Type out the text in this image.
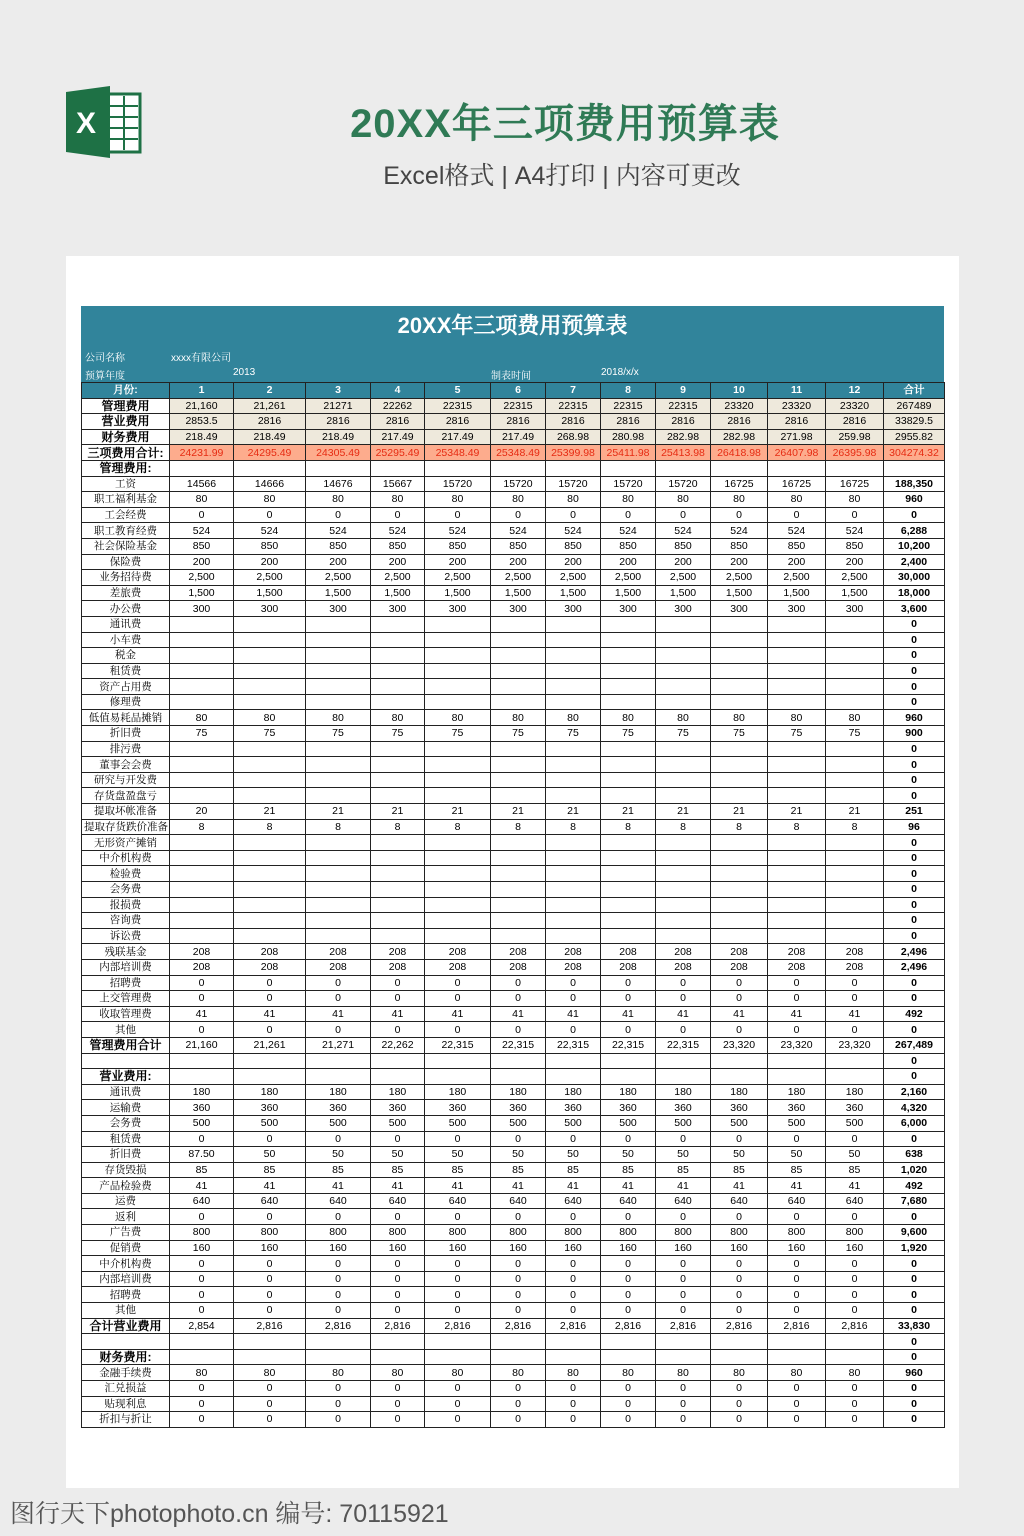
X	20XX年三项费用预算表
Excel格式 | A4打印 | 内容可更改
20XX年三项费用预算表
公司名称	xxxx有限公司
预算年度	2013	制表时间	2018/x/x
月份:	1	2	3	4	5	6	7	8	9	10	11	12	合计
管理费用	21,160	21,261	21271	22262	22315	22315	22315	22315	22315	23320	23320	23320	267489
营业费用	2853.5	2816	2816	2816	2816	2816	2816	2816	2816	2816	2816	2816	33829.5
财务费用	218.49	218.49	218.49	217.49	217.49	217.49	268.98	280.98	282.98	282.98	271.98	259.98	2955.82
三项费用合计:	24231.99	24295.49	24305.49	25295.49	25348.49	25348.49	25399.98	25411.98	25413.98	26418.98	26407.98	26395.98	304274.32
管理费用:													
工资	14566	14666	14676	15667	15720	15720	15720	15720	15720	16725	16725	16725	188,350
职工福利基金	80	80	80	80	80	80	80	80	80	80	80	80	960
工会经费	0	0	0	0	0	0	0	0	0	0	0	0	0
职工教育经费	524	524	524	524	524	524	524	524	524	524	524	524	6,288
社会保险基金	850	850	850	850	850	850	850	850	850	850	850	850	10,200
保险费	200	200	200	200	200	200	200	200	200	200	200	200	2,400
业务招待费	2,500	2,500	2,500	2,500	2,500	2,500	2,500	2,500	2,500	2,500	2,500	2,500	30,000
差旅费	1,500	1,500	1,500	1,500	1,500	1,500	1,500	1,500	1,500	1,500	1,500	1,500	18,000
办公费	300	300	300	300	300	300	300	300	300	300	300	300	3,600
通讯费													0
小车费													0
税金													0
租赁费													0
资产占用费													0
修理费													0
低值易耗品摊销	80	80	80	80	80	80	80	80	80	80	80	80	960
折旧费	75	75	75	75	75	75	75	75	75	75	75	75	900
排污费													0
董事会会费													0
研究与开发费													0
存货盘盈盘亏													0
提取坏帐准备	20	21	21	21	21	21	21	21	21	21	21	21	251
提取存货跌价准备	8	8	8	8	8	8	8	8	8	8	8	8	96
无形资产摊销													0
中介机构费													0
检验费													0
会务费													0
报损费													0
咨询费													0
诉讼费													0
残联基金	208	208	208	208	208	208	208	208	208	208	208	208	2,496
内部培训费	208	208	208	208	208	208	208	208	208	208	208	208	2,496
招聘费	0	0	0	0	0	0	0	0	0	0	0	0	0
上交管理费	0	0	0	0	0	0	0	0	0	0	0	0	0
收取管理费	41	41	41	41	41	41	41	41	41	41	41	41	492
其他	0	0	0	0	0	0	0	0	0	0	0	0	0
管理费用合计	21,160	21,261	21,271	22,262	22,315	22,315	22,315	22,315	22,315	23,320	23,320	23,320	267,489
													0
营业费用:													0
通讯费	180	180	180	180	180	180	180	180	180	180	180	180	2,160
运输费	360	360	360	360	360	360	360	360	360	360	360	360	4,320
会务费	500	500	500	500	500	500	500	500	500	500	500	500	6,000
租赁费	0	0	0	0	0	0	0	0	0	0	0	0	0
折旧费	87.50	50	50	50	50	50	50	50	50	50	50	50	638
存货毁损	85	85	85	85	85	85	85	85	85	85	85	85	1,020
产品检验费	41	41	41	41	41	41	41	41	41	41	41	41	492
运费	640	640	640	640	640	640	640	640	640	640	640	640	7,680
返利	0	0	0	0	0	0	0	0	0	0	0	0	0
广告费	800	800	800	800	800	800	800	800	800	800	800	800	9,600
促销费	160	160	160	160	160	160	160	160	160	160	160	160	1,920
中介机构费	0	0	0	0	0	0	0	0	0	0	0	0	0
内部培训费	0	0	0	0	0	0	0	0	0	0	0	0	0
招聘费	0	0	0	0	0	0	0	0	0	0	0	0	0
其他	0	0	0	0	0	0	0	0	0	0	0	0	0
合计营业费用	2,854	2,816	2,816	2,816	2,816	2,816	2,816	2,816	2,816	2,816	2,816	2,816	33,830
													0
财务费用:													0
金融手续费	80	80	80	80	80	80	80	80	80	80	80	80	960
汇兑损益	0	0	0	0	0	0	0	0	0	0	0	0	0
贴现利息	0	0	0	0	0	0	0	0	0	0	0	0	0
折扣与折让	0	0	0	0	0	0	0	0	0	0	0	0	0
图行天下photophoto.cn 编号: 70115921
